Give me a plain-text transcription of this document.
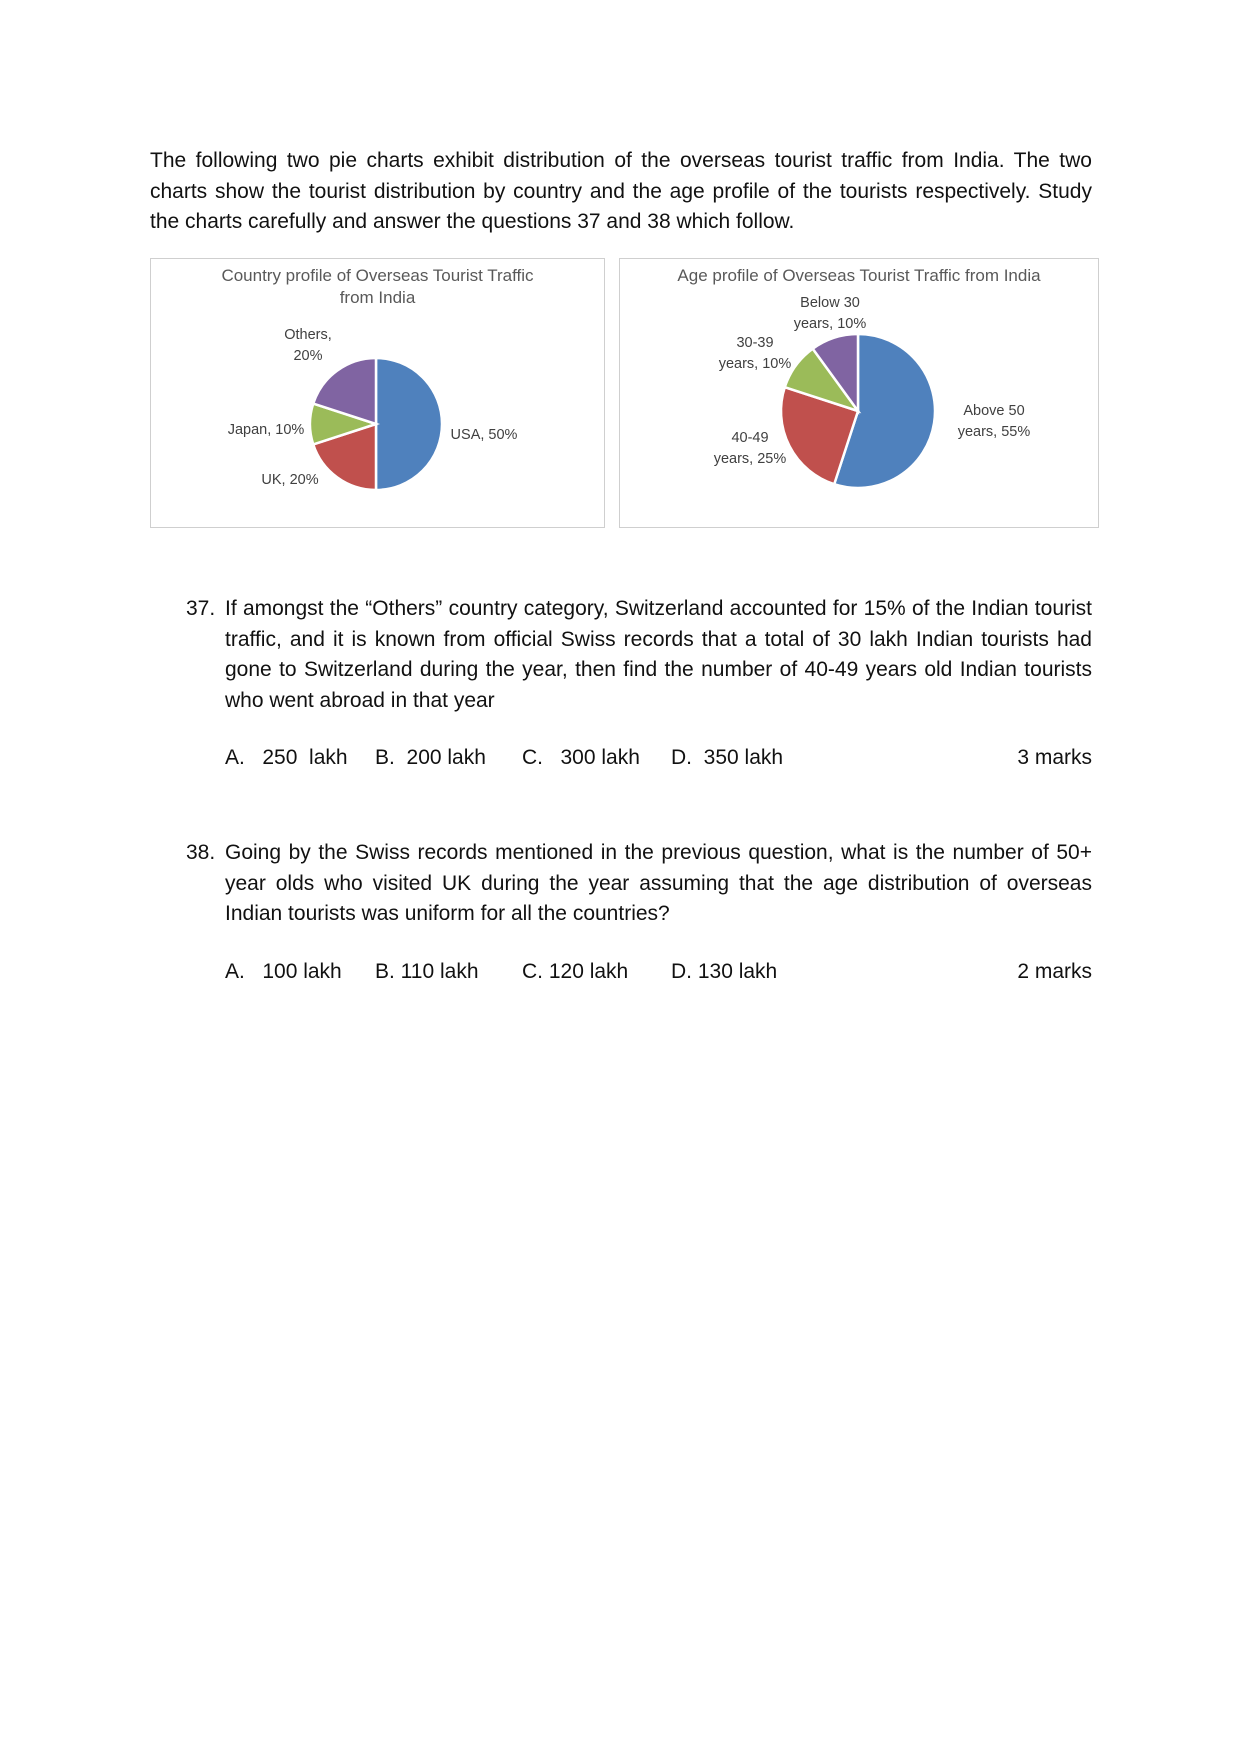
The following two pie charts exhibit distribution of the overseas tourist traffic from India. The two charts show the tourist distribution by country and the age profile of the tourists respectively. Study the charts carefully and answer the questions 37 and 38 which follow.

Country profile of Overseas Tourist Traffic from India
USA, 50%
UK, 20%
Japan, 10%
Others, 20%
Age profile of Overseas Tourist Traffic from India
Above 50 years, 55%
40-49 years, 25%
30-39 years, 10%
Below 30 years, 10%
37. If amongst the “Others” country category, Switzerland accounted for 15% of the Indian tourist traffic, and it is known from official Swiss records that a total of 30 lakh Indian tourists had gone to Switzerland during the year, then find the number of 40-49 years old Indian tourists who went abroad in that year
A.   250  lakh B.  200 lakh C.   300 lakh D.  350 lakh	3 marks
38. Going by the Swiss records mentioned in the previous question, what is the number of 50+ year olds who visited UK during the year assuming that the age distribution of overseas Indian tourists was uniform for all the countries?
A.   100 lakh B. 110 lakh C. 120 lakh D. 130 lakh	2 marks
